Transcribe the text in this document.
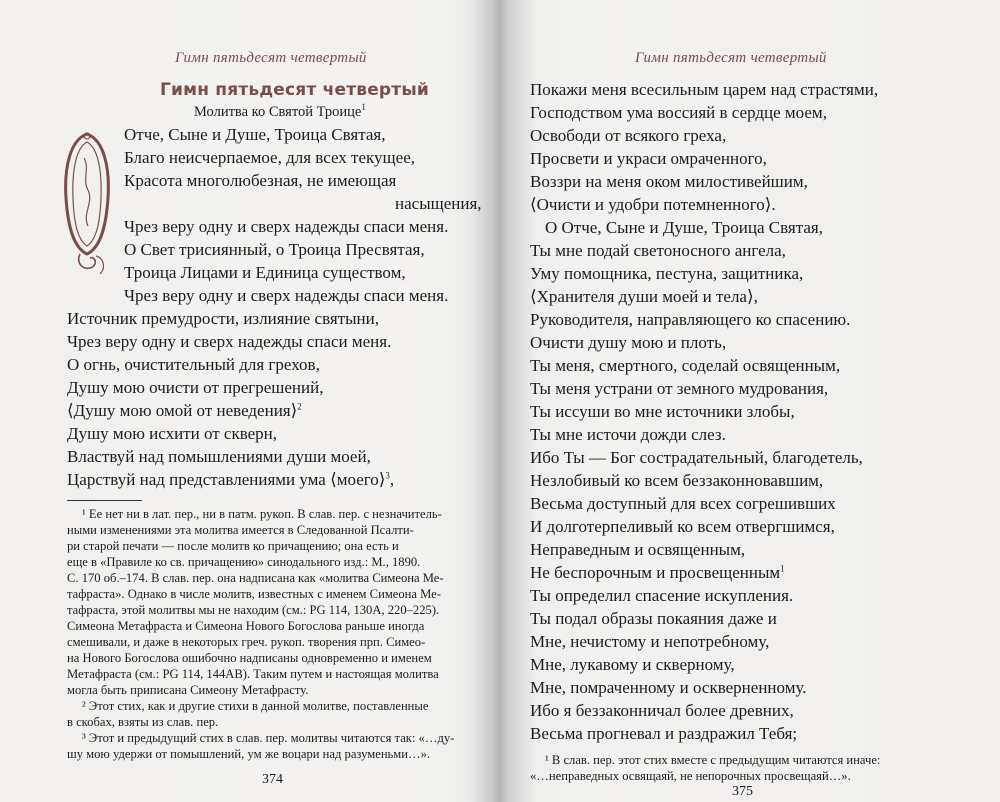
Гимн пятьдесят четвертый
Гимн пятьдесят четвертый
Молитва ко Святой Троице$^1$
Отче, Сыне и Душе, Троица Святая,
Благо неисчерпаемое, для всех текущее,
Красота многолюбезная, не имеющая
насыщения,
Чрез веру одну и сверх надежды спаси меня.
О Свет трисиянный, о Троица Пресвятая,
Троица Лицами и Единица существом,
Чрез веру одну и сверх надежды спаси меня.
Источник премудрости, излияние святыни,
Чрез веру одну и сверх надежды спаси меня.
О огнь, очистительный для грехов,
Душу мою очисти от прегрешений,
⟨Душу мою омой от неведения⟩$^2$
Душу мою исхити от скверн,
Властвуй над помышлениями души моей,
Царствуй над представлениями ума ⟨моего⟩$^3$,
¹ Ее нет ни в лат. пер., ни в патм. рукоп. В слав. пер. с незначитель-
ными изменениями эта молитва имеется в Следованной Псалти-
ри старой печати — после молитв ко причащению; она есть и
еще в «Правиле ко св. причащению» синодального изд.: М., 1890.
С. 170 об.–174. В слав. пер. она надписана как «молитва Симеона Ме-
тафраста». Однако в числе молитв, известных с именем Симеона Ме-
тафраста, этой молитвы мы не находим (см.: PG 114, 130A, 220–225).
Симеона Метафраста и Симеона Нового Богослова раньше иногда
смешивали, и даже в некоторых греч. рукоп. творения прп. Симео-
на Нового Богослова ошибочно надписаны одновременно и именем
Метафраста (см.: PG 114, 144AB). Таким путем и настоящая молитва
могла быть приписана Симеону Метафрасту.
² Этот стих, как и другие стихи в данной молитве, поставленные
в скобах, взяты из слав. пер.
³ Этот и предыдущий стих в слав. пер. молитвы читаются так: «…ду-
шу мою удержи от помышлений, ум же воцари над разуменьми…».
374
Гимн пятьдесят четвертый
Покажи меня всесильным царем над страстями,
Господством ума воссияй в сердце моем,
Освободи от всякого греха,
Просвети и украси омраченного,
Воззри на меня оком милостивейшим,
⟨Очисти и удобри потемненного⟩.
О Отче, Сыне и Душе, Троица Святая,
Ты мне подай светоносного ангела,
Уму помощника, пестуна, защитника,
⟨Хранителя души моей и тела⟩,
Руководителя, направляющего ко спасению.
Очисти душу мою и плоть,
Ты меня, смертного, соделай освященным,
Ты меня устрани от земного мудрования,
Ты иссуши во мне источники злобы,
Ты мне источи дожди слез.
Ибо Ты — Бог сострадательный, благодетель,
Незлобивый ко всем беззаконновавшим,
Весьма доступный для всех согрешивших
И долготерпеливый ко всем отвергшимся,
Неправедным и освященным,
Не беспорочным и просвещенным$^1$
Ты определил спасение искупления.
Ты подал образы покаяния даже и
Мне, нечистому и непотребному,
Мне, лукавому и скверному,
Мне, помраченному и оскверненному.
Ибо я беззаконничал более древних,
Весьма прогневал и раздражил Тебя;
¹ В слав. пер. этот стих вместе с предыдущим читаются иначе:
«…неправедных освящаяй, не непорочных просвещаяй…».
375
